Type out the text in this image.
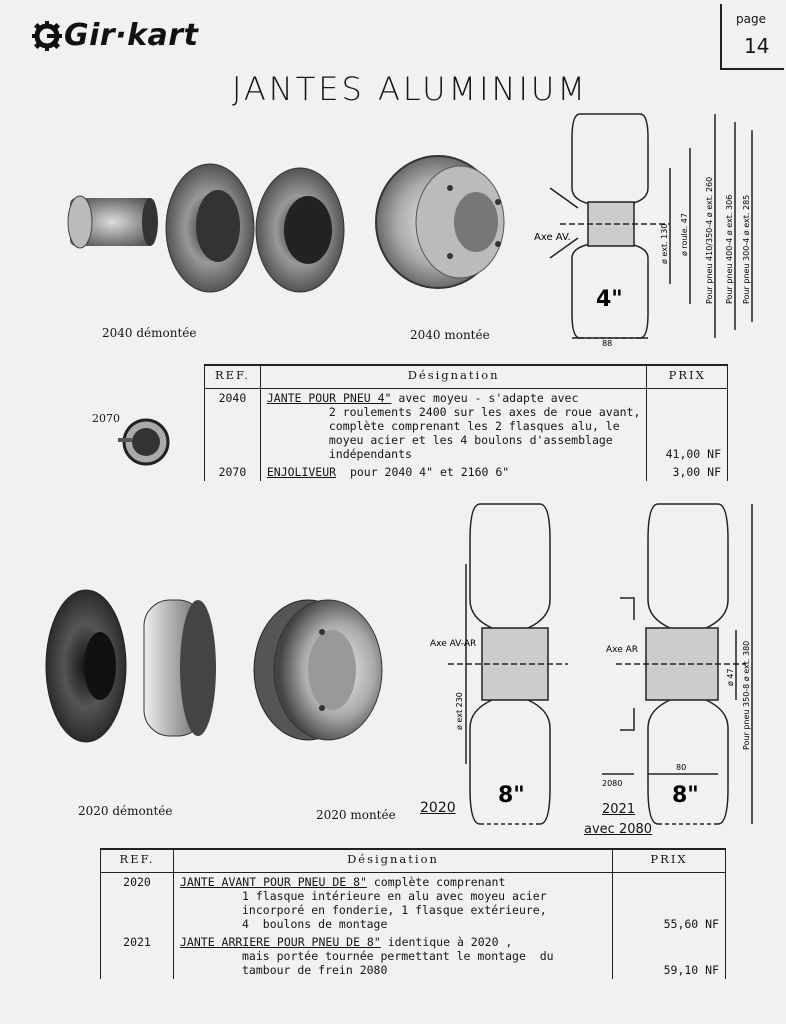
Gir·kart	page
14
JANTES ALUMINIUM
2040 démontée	2040 montée
Axe AV.
4"
88
ø ext. 130 ø roule. 47 Pour pneu 410/350-4 ø ext. 260 Pour pneu 400-4 ø ext. 306 Pour pneu 300-4 ø ext. 285
2070
REF.	Désignation	PRIX
2040	JANTE POUR PNEU 4" avec moyeu - s'adapte avec
2 roulements 2400 sur les axes de roue avant,
complète comprenant les 2 flasques alu, le
moyeu acier et les 4 boulons d'assemblage
indépendants	41,00 NF
2070	ENJOLIVEUR  pour 2040 4" et 2160 6"	3,00 NF
2020 démontée	2020 montée 2020
Axe AV-AR
8"
ø ext 230
Axe AR
8"
ø 47
80
2080
Pour pneu 350-8 ø ext. 380
2021
avec 2080
REF.	Désignation	PRIX
2020	JANTE AVANT POUR PNEU DE 8" complète comprenant
1 flasque intérieure en alu avec moyeu acier
incorporé en fonderie, 1 flasque extérieure,
4  boulons de montage	55,60 NF
2021	JANTE ARRIERE POUR PNEU DE 8" identique à 2020 ,
mais portée tournée permettant le montage  du
tambour de frein 2080	59,10 NF
